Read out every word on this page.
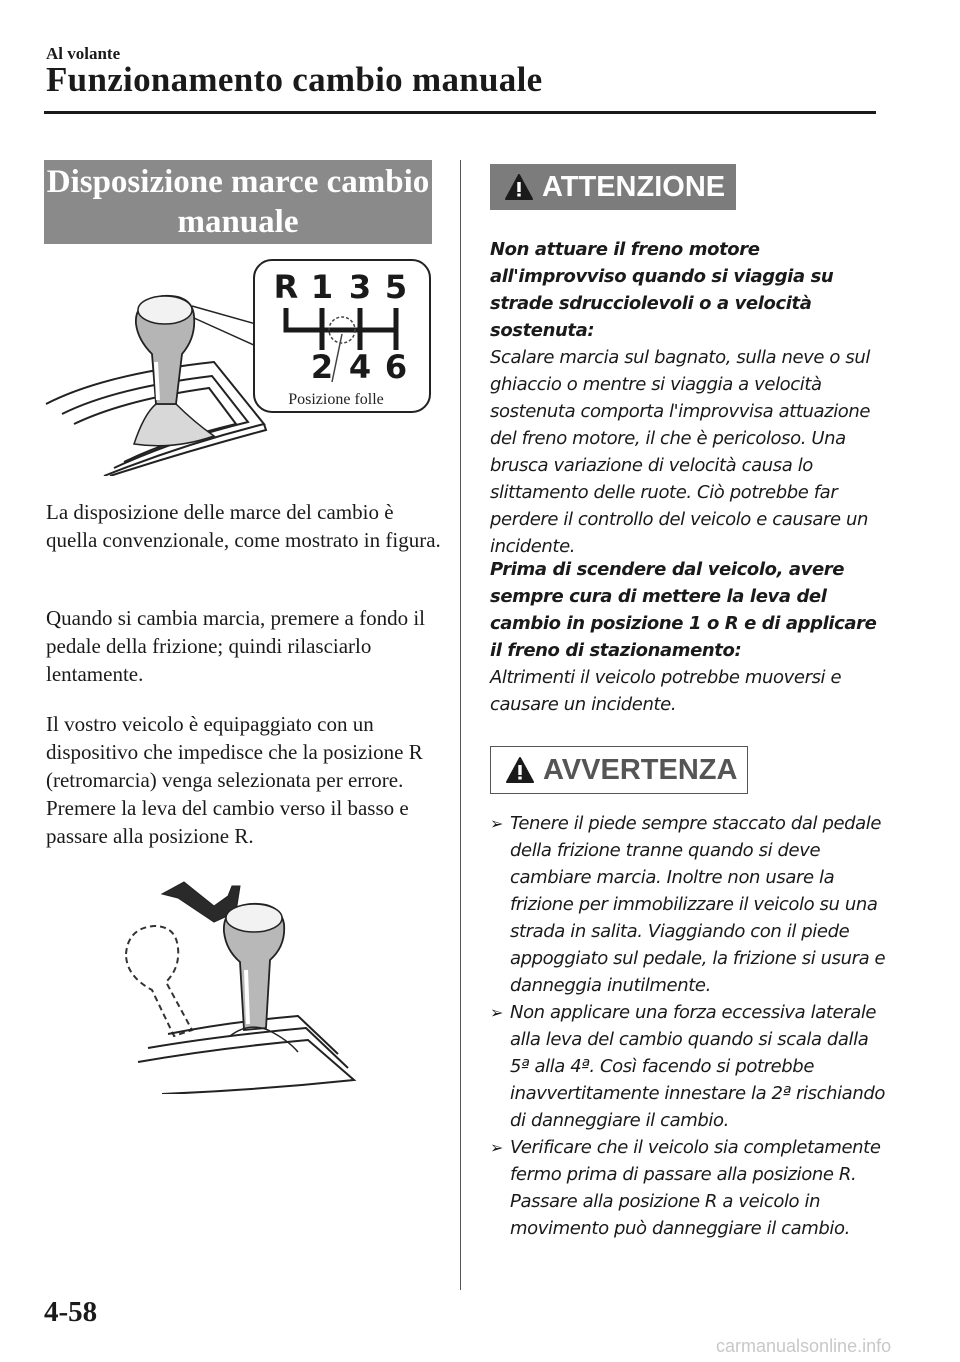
Al volante
Funzionamento cambio manuale
Disposizione marce cambio
manuale
R 1 3 5
2 4 6
Posizione folle

La disposizione delle marce del cambio è quella convenzionale, come mostrato in figura.

Quando si cambia marcia, premere a fondo il pedale della frizione; quindi rilasciarlo lentamente.

Il vostro veicolo è equipaggiato con un dispositivo che impedisce che la posizione R (retromarcia) venga selezionata per errore. Premere la leva del cambio verso il basso e passare alla posizione R.

ATTENZIONE

Non attuare il freno motore all'improvviso quando si viaggia su strade sdrucciolevoli o a velocità sostenuta:

Scalare marcia sul bagnato, sulla neve o sul ghiaccio o mentre si viaggia a velocità sostenuta comporta l'improvvisa attuazione del freno motore, il che è pericoloso. Una brusca variazione di velocità causa lo slittamento delle ruote. Ciò potrebbe far perdere il controllo del veicolo e causare un incidente.

Prima di scendere dal veicolo, avere sempre cura di mettere la leva del cambio in posizione 1 o R e di applicare il freno di stazionamento:

Altrimenti il veicolo potrebbe muoversi e causare un incidente.

AVVERTENZA
➢ Tenere il piede sempre staccato dal pedale della frizione tranne quando si deve cambiare marcia. Inoltre non usare la frizione per immobilizzare il veicolo su una strada in salita. Viaggiando con il piede appoggiato sul pedale, la frizione si usura e danneggia inutilmente.
➢ Non applicare una forza eccessiva laterale alla leva del cambio quando si scala dalla 5ª alla 4ª. Così facendo si potrebbe inavvertitamente innestare la 2ª rischiando di danneggiare il cambio.
➢ Verificare che il veicolo sia completamente fermo prima di passare alla posizione R. Passare alla posizione R a veicolo in movimento può danneggiare il cambio.
4-58
carmanualsonline.info
